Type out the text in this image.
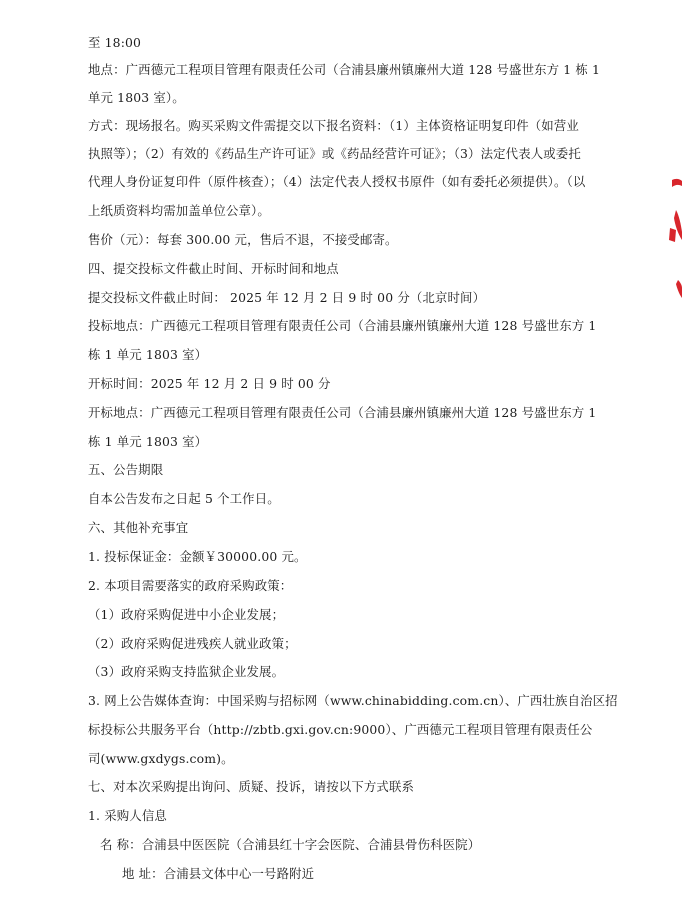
至 18:00
地点：广西德元工程项目管理有限责任公司（合浦县廉州镇廉州大道 128 号盛世东方 1 栋 1
单元 1803 室）。
方式：现场报名。购买采购文件需提交以下报名资料：（1）主体资格证明复印件（如营业
执照等）；（2）有效的《药品生产许可证》或《药品经营许可证》；（3）法定代表人或委托
代理人身份证复印件（原件核查）；（4）法定代表人授权书原件（如有委托必须提供）。（以
上纸质资料均需加盖单位公章）。
售价（元）：每套 300.00 元，售后不退，不接受邮寄。
四、提交投标文件截止时间、开标时间和地点
提交投标文件截止时间： 2025 年 12 月 2 日 9 时 00 分（北京时间）
投标地点：广西德元工程项目管理有限责任公司（合浦县廉州镇廉州大道 128 号盛世东方 1
栋 1 单元 1803 室）
开标时间：2025 年 12 月 2 日 9 时 00 分
开标地点：广西德元工程项目管理有限责任公司（合浦县廉州镇廉州大道 128 号盛世东方 1
栋 1 单元 1803 室）
五、公告期限
自本公告发布之日起 5 个工作日。
六、其他补充事宜
1. 投标保证金：金额￥30000.00 元。
2. 本项目需要落实的政府采购政策：
（1）政府采购促进中小企业发展；
（2）政府采购促进残疾人就业政策；
（3）政府采购支持监狱企业发展。
3. 网上公告媒体查询：中国采购与招标网（www.chinabidding.com.cn）、广西壮族自治区招
标投标公共服务平台（http://zbtb.gxi.gov.cn:9000）、广西德元工程项目管理有限责任公
司(www.gxdygs.com)。
七、对本次采购提出询问、质疑、投诉，请按以下方式联系
1. 采购人信息
名 称：合浦县中医医院（合浦县红十字会医院、合浦县骨伤科医院）
地 址：合浦县文体中心一号路附近
